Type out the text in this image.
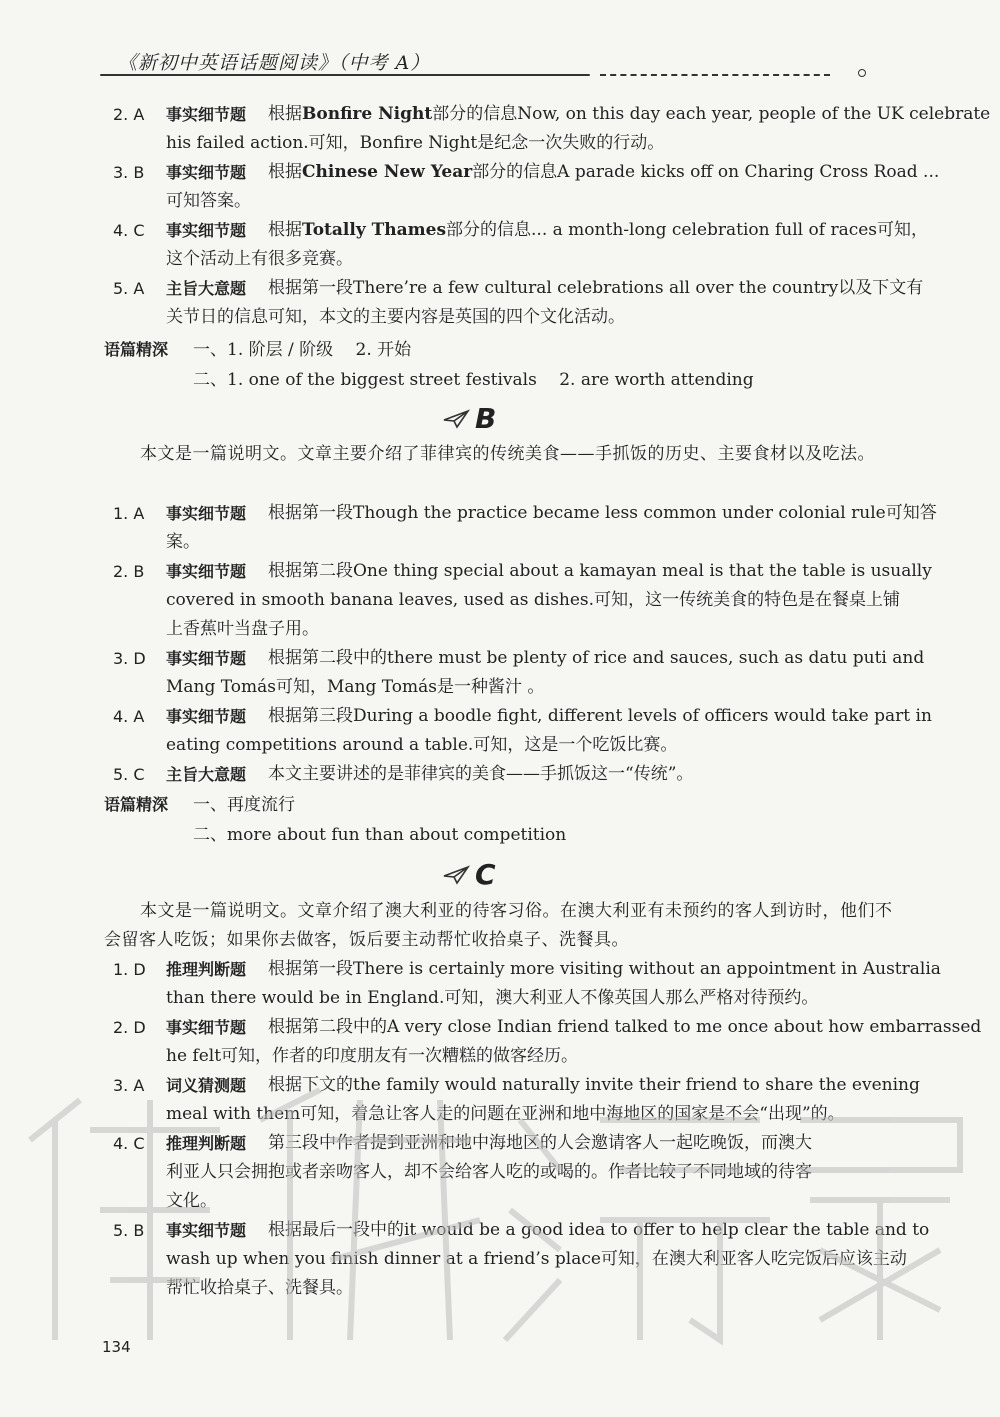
《新初中英语话题阅读》（中考 A）
2. A 事实细节题 根据Bonfire Night部分的信息Now, on this day each year, people of the UK celebrate
his failed action.可知，Bonfire Night是纪念一次失败的行动。
3. B 事实细节题 根据Chinese New Year部分的信息A parade kicks off on Charing Cross Road ...
可知答案。
4. C 事实细节题 根据Totally Thames部分的信息... a month-long celebration full of races可知，
这个活动上有很多竞赛。
5. A 主旨大意题 根据第一段There’re a few cultural celebrations all over the country以及下文有
关节日的信息可知，本文的主要内容是英国的四个文化活动。
语篇精深 一、1. 阶层 / 阶级　 2. 开始
二、1. one of the biggest street festivals　 2. are worth attending
B
本文是一篇说明文。文章主要介绍了菲律宾的传统美食——手抓饭的历史、主要食材以及吃法。
1. A 事实细节题 根据第一段Though the practice became less common under colonial rule可知答
案。
2. B 事实细节题 根据第二段One thing special about a kamayan meal is that the table is usually
covered in smooth banana leaves, used as dishes.可知，这一传统美食的特色是在餐桌上铺
上香蕉叶当盘子用。
3. D 事实细节题 根据第二段中的there must be plenty of rice and sauces, such as datu puti and
Mang Tomás可知，Mang Tomás是一种酱汁 。
4. A 事实细节题 根据第三段During a boodle fight, different levels of officers would take part in
eating competitions around a table.可知，这是一个吃饭比赛。
5. C 主旨大意题 本文主要讲述的是菲律宾的美食——手抓饭这一“传统”。
语篇精深 一、再度流行
二、more about fun than about competition
C
本文是一篇说明文。文章介绍了澳大利亚的待客习俗。在澳大利亚有未预约的客人到访时，他们不会留客人吃饭；如果你去做客，饭后要主动帮忙收拾桌子、洗餐具。
1. D 推理判断题 根据第一段There is certainly more visiting without an appointment in Australia
than there would be in England.可知，澳大利亚人不像英国人那么严格对待预约。
2. D 事实细节题 根据第二段中的A very close Indian friend talked to me once about how embarrassed
he felt可知，作者的印度朋友有一次糟糕的做客经历。
3. A 词义猜测题 根据下文的the family would naturally invite their friend to share the evening
meal with them可知，着急让客人走的问题在亚洲和地中海地区的国家是不会“出现”的。
4. C 推理判断题 第三段中作者提到亚洲和地中海地区的人会邀请客人一起吃晚饭，而澳大
利亚人只会拥抱或者亲吻客人，却不会给客人吃的或喝的。作者比较了不同地域的待客
文化。
5. B 事实细节题 根据最后一段中的it would be a good idea to offer to help clear the table and to
wash up when you finish dinner at a friend’s place可知，在澳大利亚客人吃完饭后应该主动
帮忙收拾桌子、洗餐具。
134
